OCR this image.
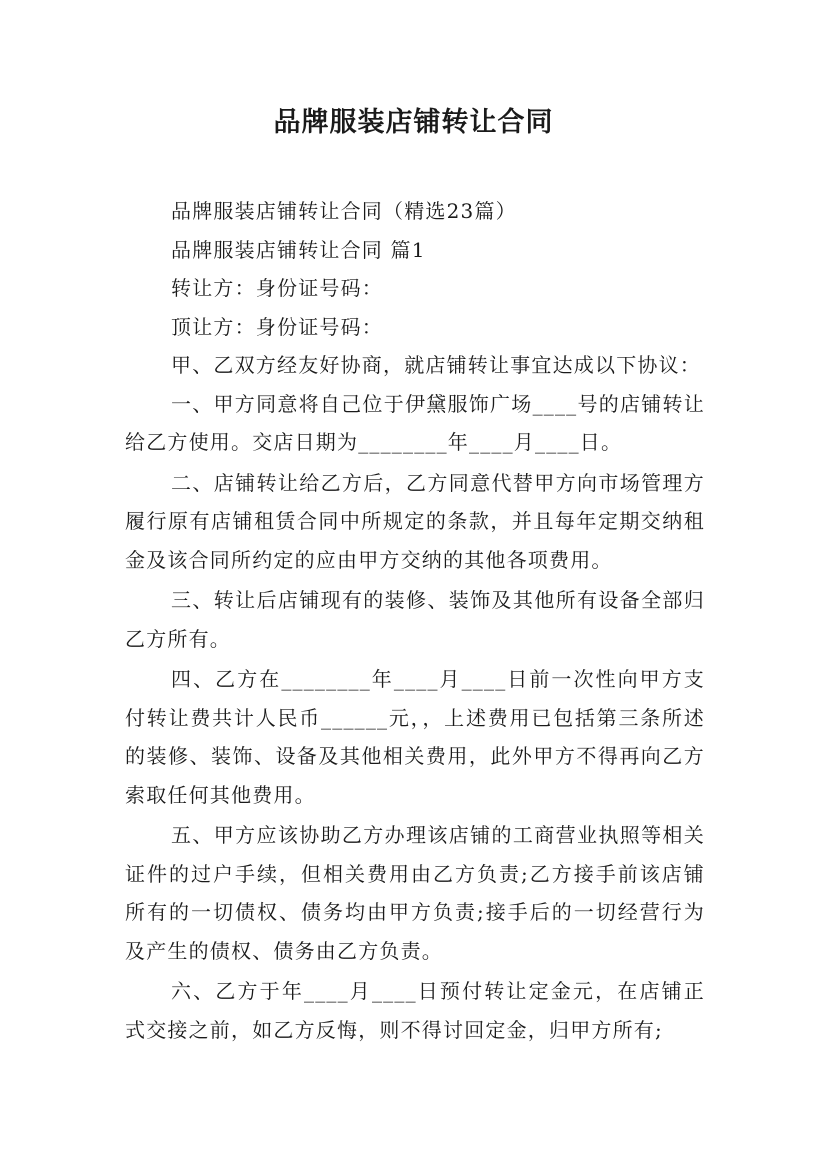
品牌服装店铺转让合同

品牌服装店铺转让合同（精选23篇）

品牌服装店铺转让合同 篇1

转让方：身份证号码：

顶让方：身份证号码：

甲、乙双方经友好协商，就店铺转让事宜达成以下协议：

一、甲方同意将自己位于伊黛服饰广场____号的店铺转让给乙方使用。交店日期为________年____月____日。

二、店铺转让给乙方后，乙方同意代替甲方向市场管理方履行原有店铺租赁合同中所规定的条款，并且每年定期交纳租金及该合同所约定的应由甲方交纳的其他各项费用。

三、转让后店铺现有的装修、装饰及其他所有设备全部归乙方所有。

四、乙方在________年____月____日前一次性向甲方支付转让费共计人民币______元，，上述费用已包括第三条所述的装修、装饰、设备及其他相关费用，此外甲方不得再向乙方索取任何其他费用。

五、甲方应该协助乙方办理该店铺的工商营业执照等相关证件的过户手续，但相关费用由乙方负责;乙方接手前该店铺所有的一切债权、债务均由甲方负责;接手后的一切经营行为及产生的债权、债务由乙方负责。

六、乙方于年____月____日预付转让定金元，在店铺正式交接之前，如乙方反悔，则不得讨回定金，归甲方所有;
